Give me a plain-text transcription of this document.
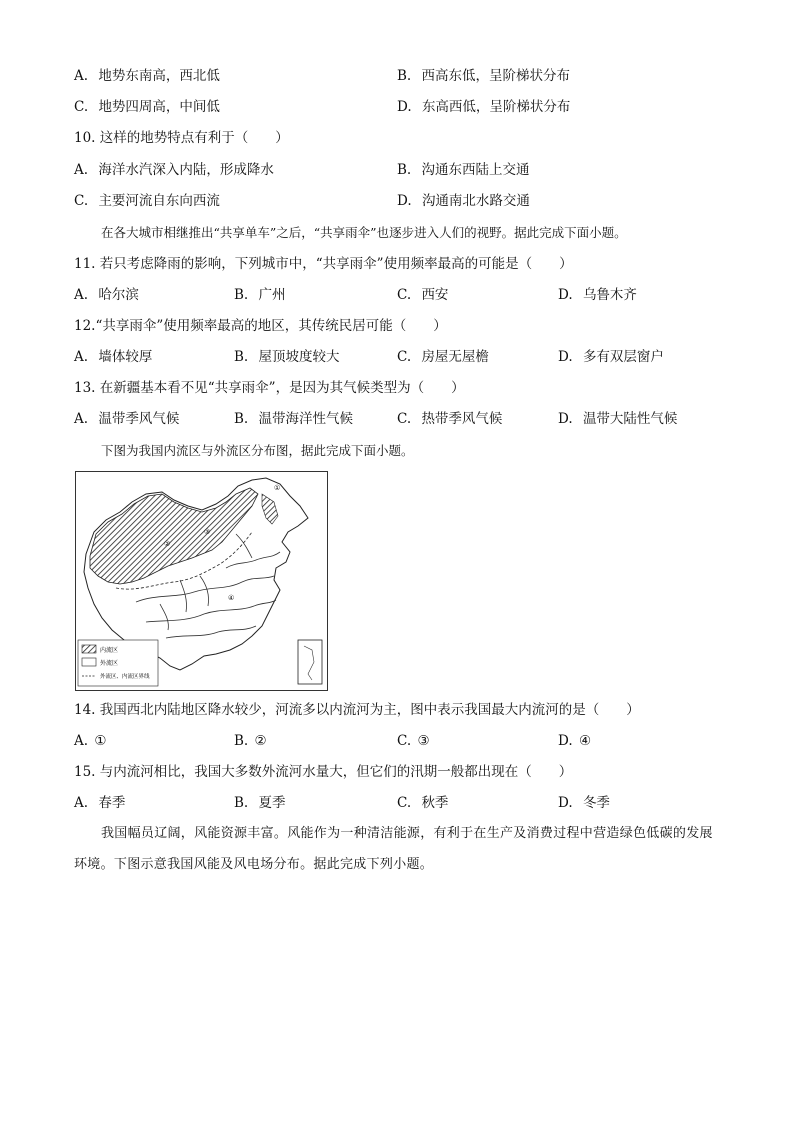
A. 地势东南高，西北低	B. 西高东低，呈阶梯状分布
C. 地势四周高，中间低	D. 东高西低，呈阶梯状分布
10. 这样的地势特点有利于（　　）
A. 海洋水汽深入内陆，形成降水	B. 沟通东西陆上交通
C. 主要河流自东向西流	D. 沟通南北水路交通
在各大城市相继推出“共享单车”之后，“共享雨伞”也逐步进入人们的视野。据此完成下面小题。
11. 若只考虑降雨的影响，下列城市中，“共享雨伞”使用频率最高的可能是（　　）
A. 哈尔滨	B. 广州	C. 西安	D. 乌鲁木齐
12.“共享雨伞”使用频率最高的地区，其传统民居可能（　　）
A. 墙体较厚	B. 屋顶坡度较大	C. 房屋无屋檐	D. 多有双层窗户
13. 在新疆基本看不见“共享雨伞”，是因为其气候类型为（　　）
A. 温带季风气候	B. 温带海洋性气候	C. 热带季风气候	D. 温带大陆性气候
下图为我国内流区与外流区分布图，据此完成下面小题。
①
②
③
④
内流区
外流区
外流区、内流区界线
14. 我国西北内陆地区降水较少，河流多以内流河为主，图中表示我国最大内流河的是（　　）
A. ①	B. ②	C. ③	D. ④
15. 与内流河相比，我国大多数外流河水量大，但它们的汛期一般都出现在（　　）
A. 春季	B. 夏季	C. 秋季	D. 冬季
我国幅员辽阔，风能资源丰富。风能作为一种清洁能源，有利于在生产及消费过程中营造绿色低碳的发展环境。下图示意我国风能及风电场分布。据此完成下列小题。
